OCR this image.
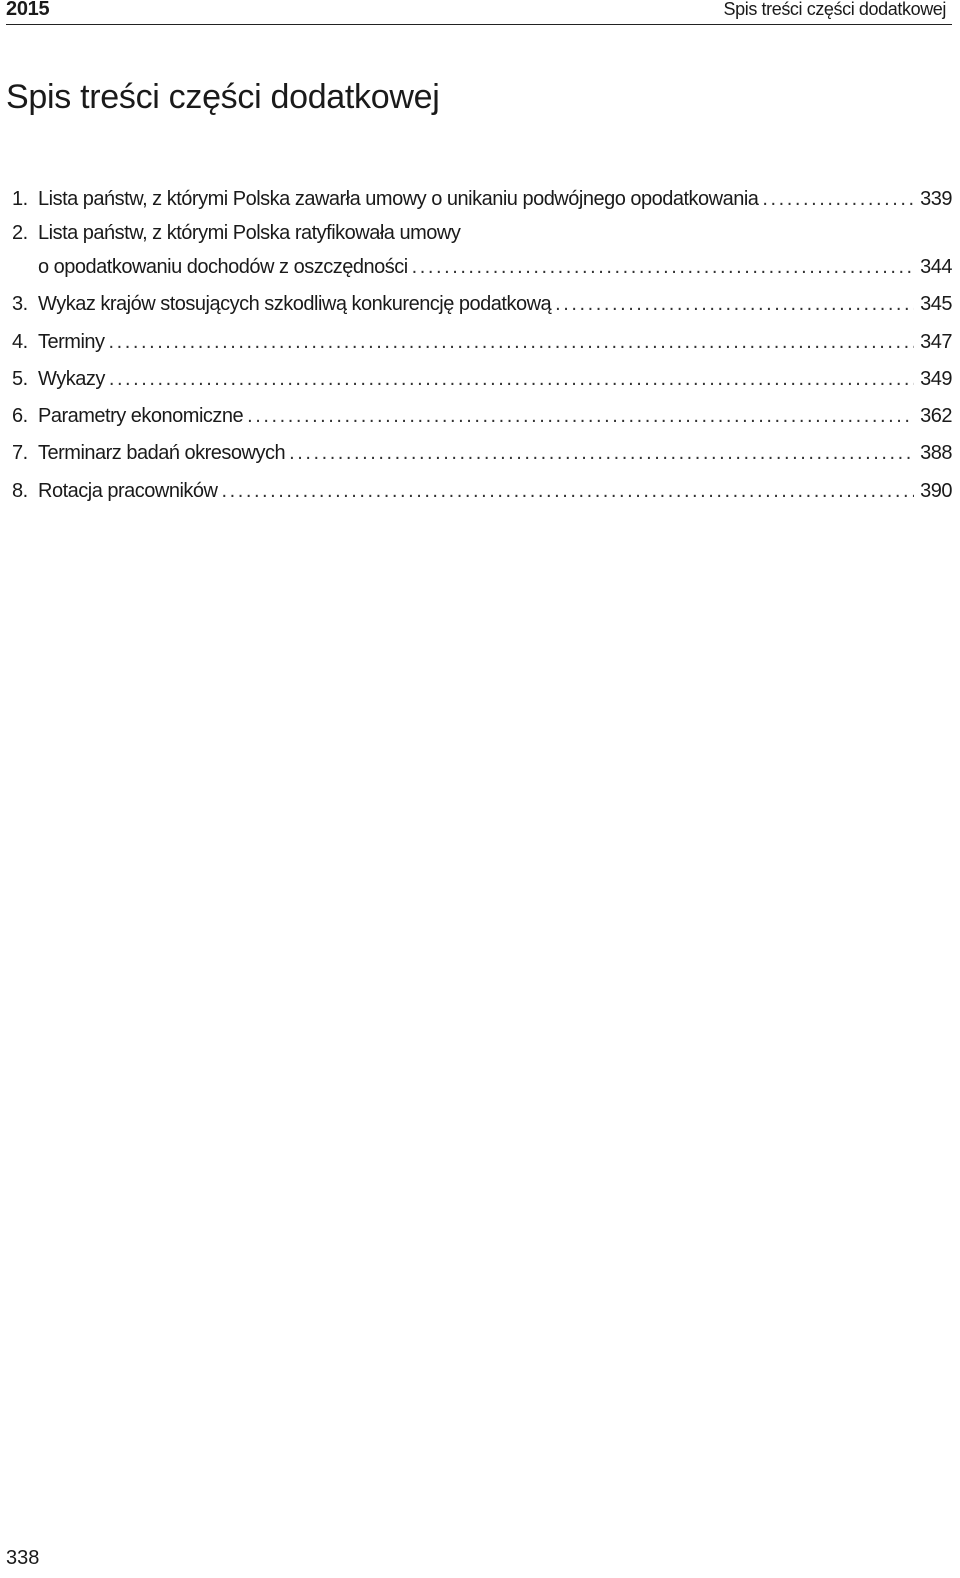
2015	Spis treści części dodatkowej
Spis treści części dodatkowej
1. Lista państw, z którymi Polska zawarła umowy o unikaniu podwójnego opodatkowania . . .	339
2. Lista państw, z którymi Polska ratyfikowała umowy
o opodatkowaniu dochodów z oszczędności . . .	344
3. Wykaz krajów stosujących szkodliwą konkurencję podatkową . . .	345
4. Terminy . . .	347
5. Wykazy . . .	349
6. Parametry ekonomiczne . . .	362
7. Terminarz badań okresowych . . .	388
8. Rotacja pracowników . . .	390
338
